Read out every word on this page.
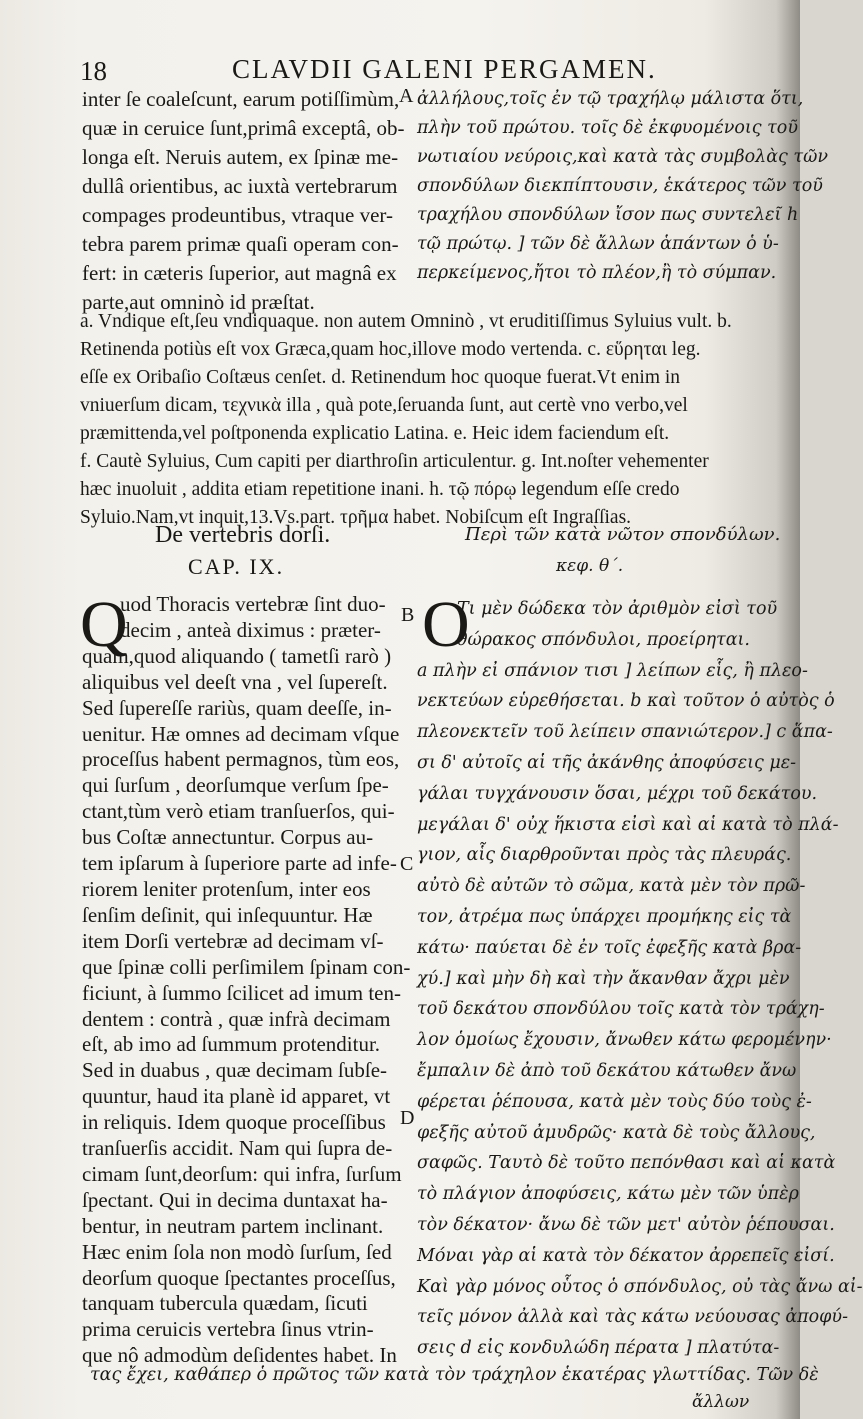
18	CLAVDII GALENI PERGAMEN.
inter ſe coaleſcunt, earum potiſſimùm,
quæ in ceruice ſunt,primâ exceptâ, ob-
longa eſt. Neruis autem, ex ſpinæ me-
dullâ orientibus, ac iuxtà vertebrarum
compages prodeuntibus, vtraque ver-
tebra parem primæ quaſi operam con-
fert: in cæteris ſuperior, aut magnâ ex
parte,aut omninò id præſtat.
A ἀλλήλους,τοῖς ἐν τῷ τραχήλῳ μάλιστα ὅτι,
πλὴν τοῦ πρώτου. τοῖς δὲ ἐκφυομένοις τοῦ
νωτιαίου νεύροις,καὶ κατὰ τὰς συμβολὰς τῶν
σπονδύλων διεκπίπτουσιν, ἑκάτερος τῶν τοῦ
τραχήλου σπονδύλων ἴσον πως συντελεῖ h
τῷ πρώτῳ. ] τῶν δὲ ἄλλων ἁπάντων ὁ ὑ-
περκείμενος,ἤτοι τὸ πλέον,ἢ τὸ σύμπαν.
a. Vndique eſt,ſeu vndiquaque. non autem Omninò , vt eruditiſſimus Syluius vult. b.
Retinenda potiùs eſt vox Græca,quam hoc,illove modo vertenda. c. εὕρηται leg.
eſſe ex Oribaſio Coſtæus cenſet. d. Retinendum hoc quoque fuerat.Vt enim in
vniuerſum dicam, τεχνικὰ illa , quà pote,ſeruanda ſunt, aut certè vno verbo,vel
præmittenda,vel poſtponenda explicatio Latina. e. Heic idem faciendum eſt.
f. Cautè Syluius, Cum capiti per diarthroſin articulentur. g. Int.noſter vehementer
hæc inuoluit , addita etiam repetitione inani. h. τῷ πόρῳ legendum eſſe credo
Syluio.Nam,vt inquit,13.Vs.part. τρῆμα habet. Nobiſcum eſt Ingraſſias.
De vertebris dorſi.
CAP. IX.
Περὶ τῶν κατὰ νῶτον σπονδύλων.
κεφ. θ´.
Q
uod Thoracis vertebræ ſint duo-
decim , anteà diximus : præter-
quam,quod aliquando ( tametſi rarò )
aliquibus vel deeſt vna , vel ſupereſt.
Sed ſupereſſe rariùs, quam deeſſe, in-
uenitur. Hæ omnes ad decimam vſque
proceſſus habent permagnos, tùm eos,
qui ſurſum , deorſumque verſum ſpe-
ctant,tùm verò etiam tranſuerſos, qui-
bus Coſtæ annectuntur. Corpus au-
tem ipſarum à ſuperiore parte ad infe-
riorem leniter protenſum, inter eos
ſenſim deſinit, qui inſequuntur. Hæ
item Dorſi vertebræ ad decimam vſ-
que ſpinæ colli perſimilem ſpinam con-
ficiunt, à ſummo ſcilicet ad imum ten-
dentem : contrà , quæ infrà decimam
eſt, ab imo ad ſummum protenditur.
Sed in duabus , quæ decimam ſubſe-
quuntur, haud ita planè id apparet, vt
in reliquis. Idem quoque proceſſibus
tranſuerſis accidit. Nam qui ſupra de-
cimam ſunt,deorſum: qui infra, ſurſum
ſpectant. Qui in decima duntaxat ha-
bentur, in neutram partem inclinant.
Hæc enim ſola non modò ſurſum, ſed
deorſum quoque ſpectantes proceſſus,
tanquam tubercula quædam, ſicuti
prima ceruicis vertebra ſinus vtrin-
que nô admodùm deſidentes habet. In
B
C
D
O
Τι μὲν δώδεκα τὸν ἀριθμὸν εἰσὶ τοῦ
θώρακος σπόνδυλοι, προείρηται.
a πλὴν εἰ σπάνιον τισι ] λείπων εἷς, ἢ πλεο-
νεκτεύων εὑρεθήσεται. b καὶ τοῦτον ὁ αὐτὸς ὁ
πλεονεκτεῖν τοῦ λείπειν σπανιώτερον.] c ἅπα-
σι δ' αὐτοῖς αἱ τῆς ἀκάνθης ἀποφύσεις με-
γάλαι τυγχάνουσιν ὅσαι, μέχρι τοῦ δεκάτου.
μεγάλαι δ' οὐχ ἥκιστα εἰσὶ καὶ αἱ κατὰ τὸ πλά-
γιον, αἷς διαρθροῦνται πρὸς τὰς πλευράς.
αὐτὸ δὲ αὐτῶν τὸ σῶμα, κατὰ μὲν τὸν πρῶ-
τον, ἀτρέμα πως ὑπάρχει προμήκης εἰς τὰ
κάτω· παύεται δὲ ἐν τοῖς ἐφεξῆς κατὰ βρα-
χύ.] καὶ μὴν δὴ καὶ τὴν ἄκανθαν ἄχρι μὲν
τοῦ δεκάτου σπονδύλου τοῖς κατὰ τὸν τράχη-
λον ὁμοίως ἔχουσιν, ἄνωθεν κάτω φερομένην·
ἔμπαλιν δὲ ἀπὸ τοῦ δεκάτου κάτωθεν ἄνω
φέρεται ῥέπουσα, κατὰ μὲν τοὺς δύο τοὺς ἐ-
φεξῆς αὐτοῦ ἀμυδρῶς· κατὰ δὲ τοὺς ἄλλους,
σαφῶς. Ταυτὸ δὲ τοῦτο πεπόνθασι καὶ αἱ κατὰ
τὸ πλάγιον ἀποφύσεις, κάτω μὲν τῶν ὑπὲρ
τὸν δέκατον· ἄνω δὲ τῶν μετ' αὐτὸν ῥέπουσαι.
Μόναι γὰρ αἱ κατὰ τὸν δέκατον ἀρρεπεῖς εἰσί.
Καὶ γὰρ μόνος οὗτος ὁ σπόνδυλος, οὐ τὰς ἄνω αἰ-
τεῖς μόνον ἀλλὰ καὶ τὰς κάτω νεύουσας ἀποφύ-
σεις d εἰς κονδυλώδη πέρατα ] πλατύτα-
τας ἔχει, καθάπερ ὁ πρῶτος τῶν κατὰ τὸν τράχηλον ἑκατέρας γλωττίδας. Τῶν δὲ
ἄλλων
